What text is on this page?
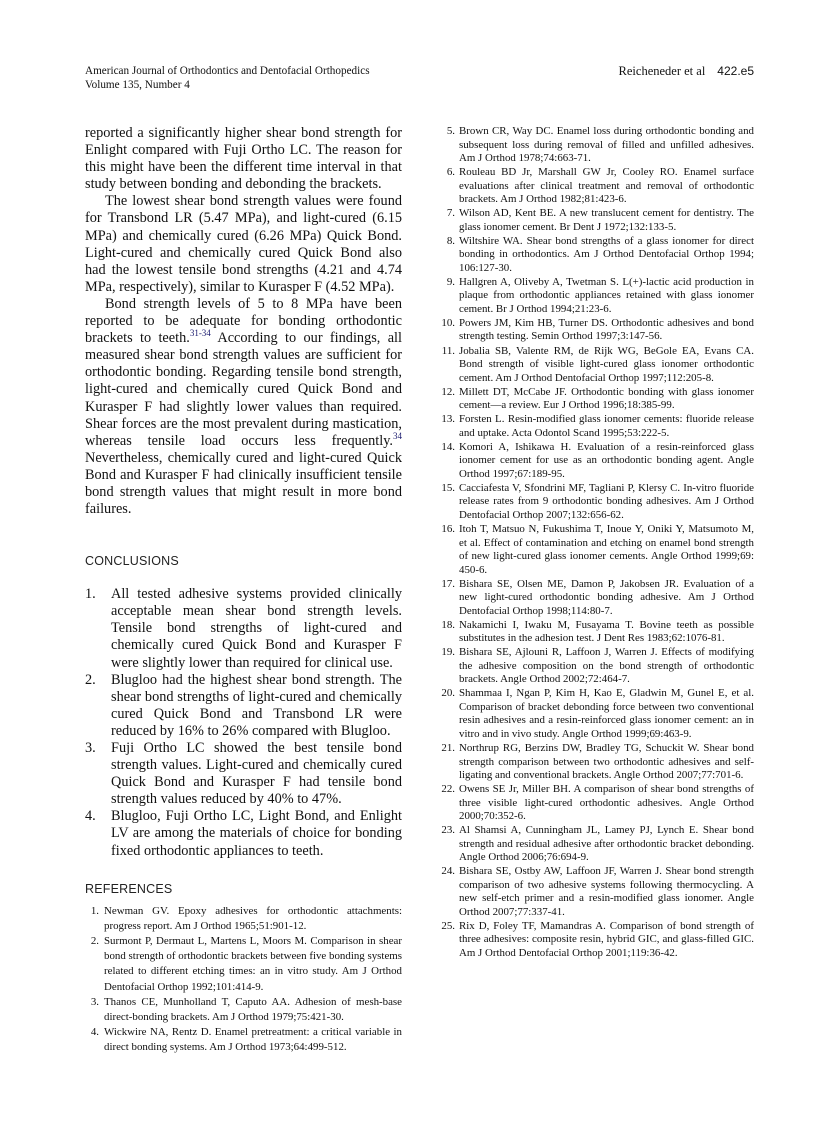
American Journal of Orthodontics and Dentofacial Orthopedics
Volume 135, Number 4
Reicheneder et al 422.e5

reported a significantly higher shear bond strength for Enlight compared with Fuji Ortho LC. The reason for this might have been the different time interval in that study between bonding and debonding the brackets.

The lowest shear bond strength values were found for Transbond LR (5.47 MPa), and light-cured (6.15 MPa) and chemically cured (6.26 MPa) Quick Bond. Light-cured and chemically cured Quick Bond also had the lowest tensile bond strengths (4.21 and 4.74 MPa, respectively), similar to Kurasper F (4.52 MPa).

Bond strength levels of 5 to 8 MPa have been reported to be adequate for bonding orthodontic brackets to teeth.$^{31-34}$ According to our findings, all measured shear bond strength values are sufficient for orthodontic bonding. Regarding tensile bond strength, light-cured and chemically cured Quick Bond and Kurasper F had slightly lower values than required. Shear forces are the most prevalent during mastication, whereas tensile load occurs less frequently.$^{34}$ Nevertheless, chemically cured and light-cured Quick Bond and Kurasper F had clinically insufficient tensile bond strength values that might result in more bond failures.

CONCLUSIONS
1. All tested adhesive systems provided clinically acceptable mean shear bond strength levels. Tensile bond strengths of light-cured and chemically cured Quick Bond and Kurasper F were slightly lower than required for clinical use.
2. Blugloo had the highest shear bond strength. The shear bond strengths of light-cured and chemically cured Quick Bond and Transbond LR were reduced by 16% to 26% compared with Blugloo.
3. Fuji Ortho LC showed the best tensile bond strength values. Light-cured and chemically cured Quick Bond and Kurasper F had tensile bond strength values reduced by 40% to 47%.
4. Blugloo, Fuji Ortho LC, Light Bond, and Enlight LV are among the materials of choice for bonding fixed orthodontic appliances to teeth.
REFERENCES
1. Newman GV. Epoxy adhesives for orthodontic attachments: progress report. Am J Orthod 1965;51:901-12.
2. Surmont P, Dermaut L, Martens L, Moors M. Comparison in shear bond strength of orthodontic brackets between five bonding systems related to different etching times: an in vitro study. Am J Orthod Dentofacial Orthop 1992;101:414-9.
3. Thanos CE, Munholland T, Caputo AA. Adhesion of mesh-base direct-bonding brackets. Am J Orthod 1979;75:421-30.
4. Wickwire NA, Rentz D. Enamel pretreatment: a critical variable in direct bonding systems. Am J Orthod 1973;64:499-512.
5. Brown CR, Way DC. Enamel loss during orthodontic bonding and subsequent loss during removal of filled and unfilled adhesives. Am J Orthod 1978;74:663-71.
6. Rouleau BD Jr, Marshall GW Jr, Cooley RO. Enamel surface evaluations after clinical treatment and removal of orthodontic brackets. Am J Orthod 1982;81:423-6.
7. Wilson AD, Kent BE. A new translucent cement for dentistry. The glass ionomer cement. Br Dent J 1972;132:133-5.
8. Wiltshire WA. Shear bond strengths of a glass ionomer for direct bonding in orthodontics. Am J Orthod Dentofacial Orthop 1994; 106:127-30.
9. Hallgren A, Oliveby A, Twetman S. L(+)-lactic acid production in plaque from orthodontic appliances retained with glass ionomer cement. Br J Orthod 1994;21:23-6.
10. Powers JM, Kim HB, Turner DS. Orthodontic adhesives and bond strength testing. Semin Orthod 1997;3:147-56.
11. Jobalia SB, Valente RM, de Rijk WG, BeGole EA, Evans CA. Bond strength of visible light-cured glass ionomer orthodontic cement. Am J Orthod Dentofacial Orthop 1997;112:205-8.
12. Millett DT, McCabe JF. Orthodontic bonding with glass ionomer cement—a review. Eur J Orthod 1996;18:385-99.
13. Forsten L. Resin-modified glass ionomer cements: fluoride release and uptake. Acta Odontol Scand 1995;53:222-5.
14. Komori A, Ishikawa H. Evaluation of a resin-reinforced glass ionomer cement for use as an orthodontic bonding agent. Angle Orthod 1997;67:189-95.
15. Cacciafesta V, Sfondrini MF, Tagliani P, Klersy C. In-vitro fluoride release rates from 9 orthodontic bonding adhesives. Am J Orthod Dentofacial Orthop 2007;132:656-62.
16. Itoh T, Matsuo N, Fukushima T, Inoue Y, Oniki Y, Matsumoto M, et al. Effect of contamination and etching on enamel bond strength of new light-cured glass ionomer cements. Angle Orthod 1999;69: 450-6.
17. Bishara SE, Olsen ME, Damon P, Jakobsen JR. Evaluation of a new light-cured orthodontic bonding adhesive. Am J Orthod Dentofacial Orthop 1998;114:80-7.
18. Nakamichi I, Iwaku M, Fusayama T. Bovine teeth as possible substitutes in the adhesion test. J Dent Res 1983;62:1076-81.
19. Bishara SE, Ajlouni R, Laffoon J, Warren J. Effects of modifying the adhesive composition on the bond strength of orthodontic brackets. Angle Orthod 2002;72:464-7.
20. Shammaa I, Ngan P, Kim H, Kao E, Gladwin M, Gunel E, et al. Comparison of bracket debonding force between two conventional resin adhesives and a resin-reinforced glass ionomer cement: an in vitro and in vivo study. Angle Orthod 1999;69:463-9.
21. Northrup RG, Berzins DW, Bradley TG, Schuckit W. Shear bond strength comparison between two orthodontic adhesives and self-ligating and conventional brackets. Angle Orthod 2007;77:701-6.
22. Owens SE Jr, Miller BH. A comparison of shear bond strengths of three visible light-cured orthodontic adhesives. Angle Orthod 2000;70:352-6.
23. Al Shamsi A, Cunningham JL, Lamey PJ, Lynch E. Shear bond strength and residual adhesive after orthodontic bracket debonding. Angle Orthod 2006;76:694-9.
24. Bishara SE, Ostby AW, Laffoon JF, Warren J. Shear bond strength comparison of two adhesive systems following thermocycling. A new self-etch primer and a resin-modified glass ionomer. Angle Orthod 2007;77:337-41.
25. Rix D, Foley TF, Mamandras A. Comparison of bond strength of three adhesives: composite resin, hybrid GIC, and glass-filled GIC. Am J Orthod Dentofacial Orthop 2001;119:36-42.
